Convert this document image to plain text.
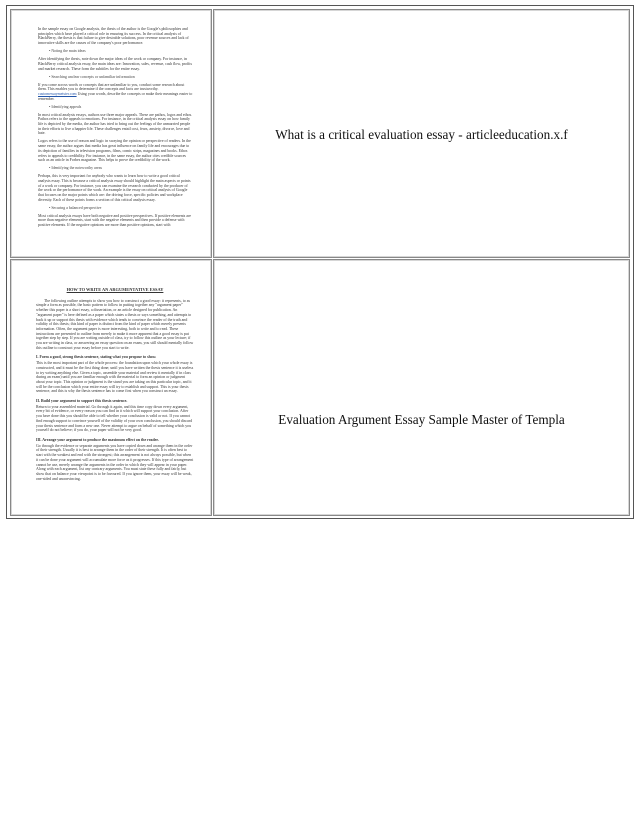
In the sample essay on Google analysis, the thesis of the author is the Google's philosophies and principles which have played a critical role in ensuring its success. In the critical analysis of BlackBerry, the thesis is that failure to give desirable solutions, poor revenue sources and lack of innovative skills are the causes of the company's poor performance.

• Noting the main ideas

After identifying the thesis, note down the major ideas of the work or company. For instance, in BlackBerry critical analysis essay, the main ideas are: Innovation, sales, revenue, cash flow, profits and market research. These form the subtitles for the entire essay.

• Searching unclear concepts or unfamiliar information

If you come across words or concepts that are unfamiliar to you, conduct some research about them. This enables you to determine if the concepts and facts are trustworthy. customessaymeister.com Using your words, describe the concepts or make their meanings easier to remember.

• Identifying appeals

In most critical analysis essays, authors use three major appeals. These are pathos, logos and ethos. Pathos refers to the appeals to emotions. For instance, in the critical analysis essay on how family life is depicted by the media, the author has tried to bring out the feelings of the unmarried people in their efforts to live a happier life. These challenges entail cost, fears, anxiety, divorce, love and hate.

Logos refers to the use of reason and logic in swaying the opinion or perspective of readers. In the same essay, the author argues that media has great influence on family life and encourages due to its depiction of families in television programs, films, comic strips, magazines and books. Ethos refers to appeals to credibility. For instance, in the same essay, the author cites credible sources such as an article in Forbes magazine. This helps to prove the credibility of the work.

• Identifying the noteworthy areas

Perhaps, this is very important for anybody who wants to learn how to write a good critical analysis essay. This is because a critical analysis essay should highlight the main aspects or points of a work or company. For instance, you can examine the research conducted by the producer of the work or the performance of the work. An example is the essay on critical analysis of Google that focuses on the major points which are: the driving force, specific policies and workplace diversity. Each of these points forms a section of this critical analysis essay.

• Securing a balanced perspective

Most critical analysis essays have both negative and positive perspectives. If positive elements are more than negative elements, start with the negative elements and then provide a defense with positive elements. If the negative opinions are more than positive opinions, start with

What is a critical evaluation essay - articleeducation.x.f

HOW TO WRITE AN ARGUMENTATIVE ESSAY

The following outline attempts to show you how to construct a good essay: it represents, to as simple a form as possible, the basic pattern to follow in putting together any "argument paper" whether this paper is a short essay, a dissertation, or an article designed for publication. An "argument paper" is here defined as a paper which states a thesis or says something, and attempts to back it up or support this thesis with evidence which tends to convince the reader of the truth and validity of this thesis; this kind of paper is distinct from the kind of paper which merely presents information. Often, the argument paper is more interesting, both to write and to read. These instructions are presented to outline from merely to make it more apparent that a good essay is put together step by step. If you are writing outside of class, try to follow this outline as your lecture; if you are writing in class, or answering an essay question on an exam, you still should mentally follow this outline to construct your essay before you start to write.

I. Form a good, strong thesis sentence, stating what you propose to show.

This is the most important part of the whole process: the foundation upon which your whole essay is constructed, and it must be the first thing done; until you have written the thesis sentence it is useless to try writing anything else. Given a topic, assemble your material and review it mentally if in class during an exam) until you are familiar enough with the material to form an opinion or judgment about your topic. This opinion or judgment is the stand you are taking on this particular topic, and it will be the conclusion which your entire essay will try to establish and support. This is your thesis sentence, and this is why the thesis sentence has to come first when you construct an essay.

II. Build your argument to support this thesis sentence.

Return to your assembled material. Go through it again, and this time copy down every argument, every bit of evidence, or every reason you can find in it which will support your conclusion. After you have done this you should be able to tell whether your conclusion is valid or not. If you cannot find enough support to convince yourself of the validity of your own conclusion, you should discard your thesis sentence and form a new one. Never attempt to argue on behalf of something which you yourself do not believe; if you do, your paper will not be very good.

III. Arrange your argument to produce the maximum effect on the reader.

Go through the evidence or separate arguments you have copied down and arrange them in the order of their strength. Usually it is best to arrange them in the order of their strength. It is often best to start with the weakest and end with the strongest; this arrangement is not always possible, but when it can be done your argument will accumulate more force as it progresses. If this type of arrangement cannot be use, merely arrange the arguments in the order in which they will appear in your paper. Along with each argument, list any contrary arguments. You must state these fully and fairly, but show that on balance your viewpoint is to be favoured. If you ignore them, your essay will be weak, one-sided and unconvincing.

Evaluation Argument Essay Sample Master of Templa
